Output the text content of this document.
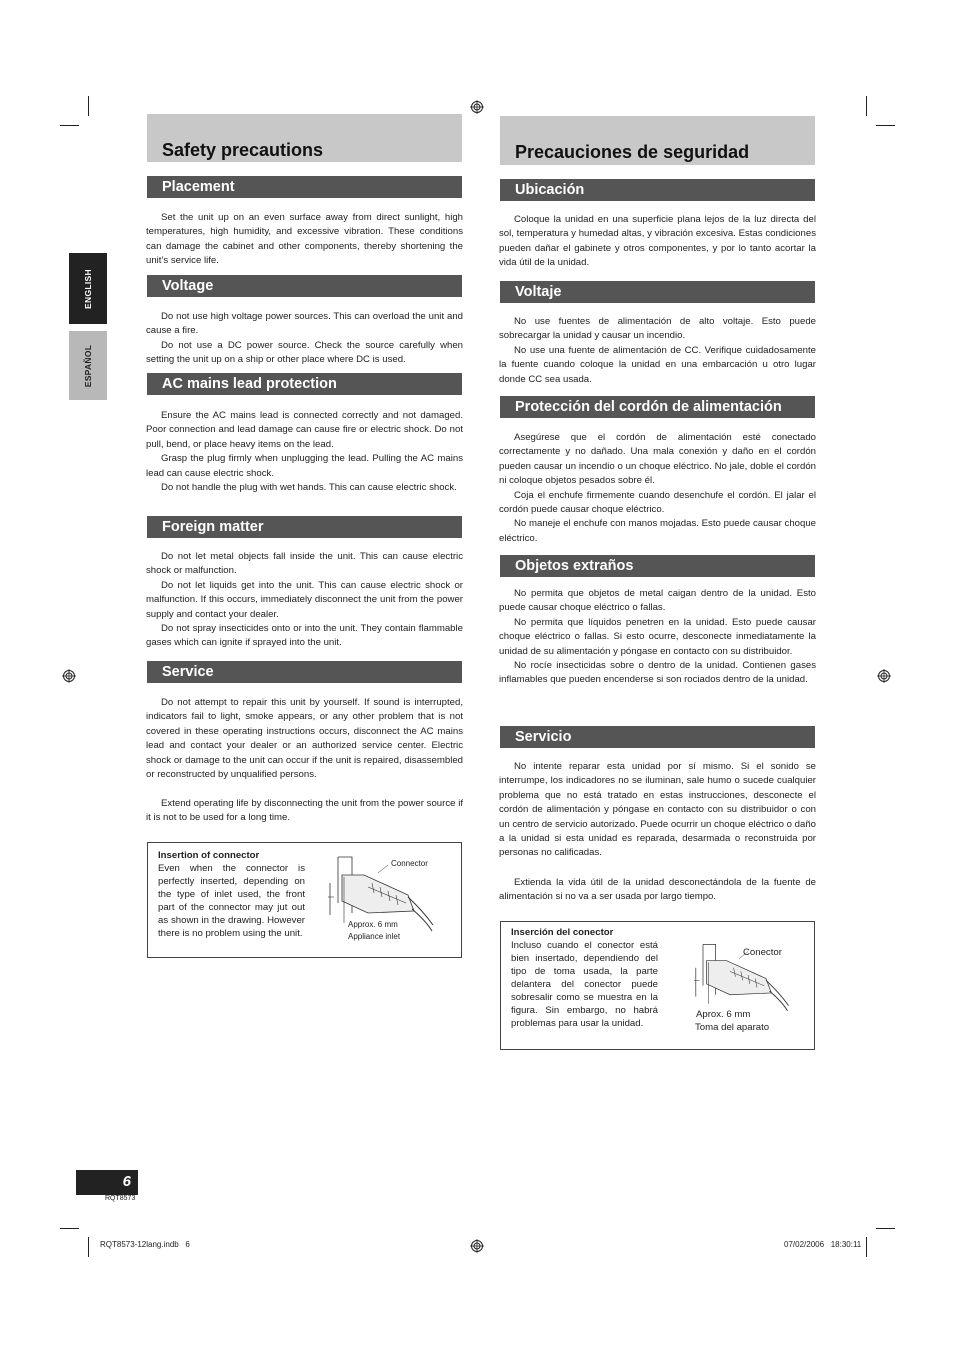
ENGLISH
ESPAÑOL
Safety precautions
Placement

Set the unit up on an even surface away from direct sunlight, high temperatures, high humidity, and excessive vibration. These conditions can damage the cabinet and other components, thereby shortening the unit’s service life.

Voltage

Do not use high voltage power sources. This can overload the unit and cause a fire.

Do not use a DC power source. Check the source carefully when setting the unit up on a ship or other place where DC is used.

AC mains lead protection

Ensure the AC mains lead is connected correctly and not damaged. Poor connection and lead damage can cause fire or electric shock. Do not pull, bend, or place heavy items on the lead.

Grasp the plug firmly when unplugging the lead. Pulling the AC mains lead can cause electric shock.

Do not handle the plug with wet hands. This can cause electric shock.

Foreign matter

Do not let metal objects fall inside the unit. This can cause electric shock or malfunction.

Do not let liquids get into the unit. This can cause electric shock or malfunction. If this occurs, immediately disconnect the unit from the power supply and contact your dealer.

Do not spray insecticides onto or into the unit. They contain flammable gases which can ignite if sprayed into the unit.

Service

Do not attempt to repair this unit by yourself. If sound is interrupted, indicators fail to light, smoke appears, or any other problem that is not covered in these operating instructions occurs, disconnect the AC mains lead and contact your dealer or an authorized service center. Electric shock or damage to the unit can occur if the unit is repaired, disassembled or reconstructed by unqualified persons.

Extend operating life by disconnecting the unit from the power source if it is not to be used for a long time.

Insertion of connector
Even when the connector is perfectly inserted, depending on the type of inlet used, the front part of the connector may jut out as shown in the drawing. However there is no problem using the unit.
Connector
Approx. 6 mm
Appliance inlet
Precauciones de seguridad
Ubicación

Coloque la unidad en una superficie plana lejos de la luz directa del sol, temperatura y humedad altas, y vibración excesiva. Estas condiciones pueden dañar el gabinete y otros componentes, y por lo tanto acortar la vida útil de la unidad.

Voltaje

No use fuentes de alimentación de alto voltaje. Esto puede sobrecargar la unidad y causar un incendio.

No use una fuente de alimentación de CC. Verifique cuidadosamente la fuente cuando coloque la unidad en una embarcación u otro lugar donde CC sea usada.

Protección del cordón de alimentación

Asegúrese que el cordón de alimentación esté conectado correctamente y no dañado. Una mala conexión y daño en el cordón pueden causar un incendio o un choque eléctrico. No jale, doble el cordón ni coloque objetos pesados sobre él.

Coja el enchufe firmemente cuando desenchufe el cordón. El jalar el cordón puede causar choque eléctrico.

No maneje el enchufe con manos mojadas. Esto puede causar choque eléctrico.

Objetos extraños

No permita que objetos de metal caigan dentro de la unidad. Esto puede causar choque eléctrico o fallas.

No permita que líquidos penetren en la unidad. Esto puede causar choque eléctrico o fallas. Si esto ocurre, desconecte inmediatamente la unidad de su alimentación y póngase en contacto con su distribuidor.

No rocíe insecticidas sobre o dentro de la unidad. Contienen gases inflamables que pueden encenderse si son rociados dentro de la unidad.

Servicio

No intente reparar esta unidad por sí mismo. Si el sonido se interrumpe, los indicadores no se iluminan, sale humo o sucede cualquier problema que no está tratado en estas instrucciones, desconecte el cordón de alimentación y póngase en contacto con su distribuidor o con un centro de servicio autorizado. Puede ocurrir un choque eléctrico o daño a la unidad si esta unidad es reparada, desarmada o reconstruida por personas no calificadas.

Extienda la vida útil de la unidad desconectándola de la fuente de alimentación si no va a ser usada por largo tiempo.

Inserción del conector
Incluso cuando el conector está bien insertado, dependiendo del tipo de toma usada, la parte delantera del conector puede sobresalir como se muestra en la figura. Sin embargo, no habrá problemas para usar la unidad.
Conector
Aprox. 6 mm
Toma del aparato
6
RQT8573
RQT8573-12lang.indb   6	07/02/2006   18:30:11
